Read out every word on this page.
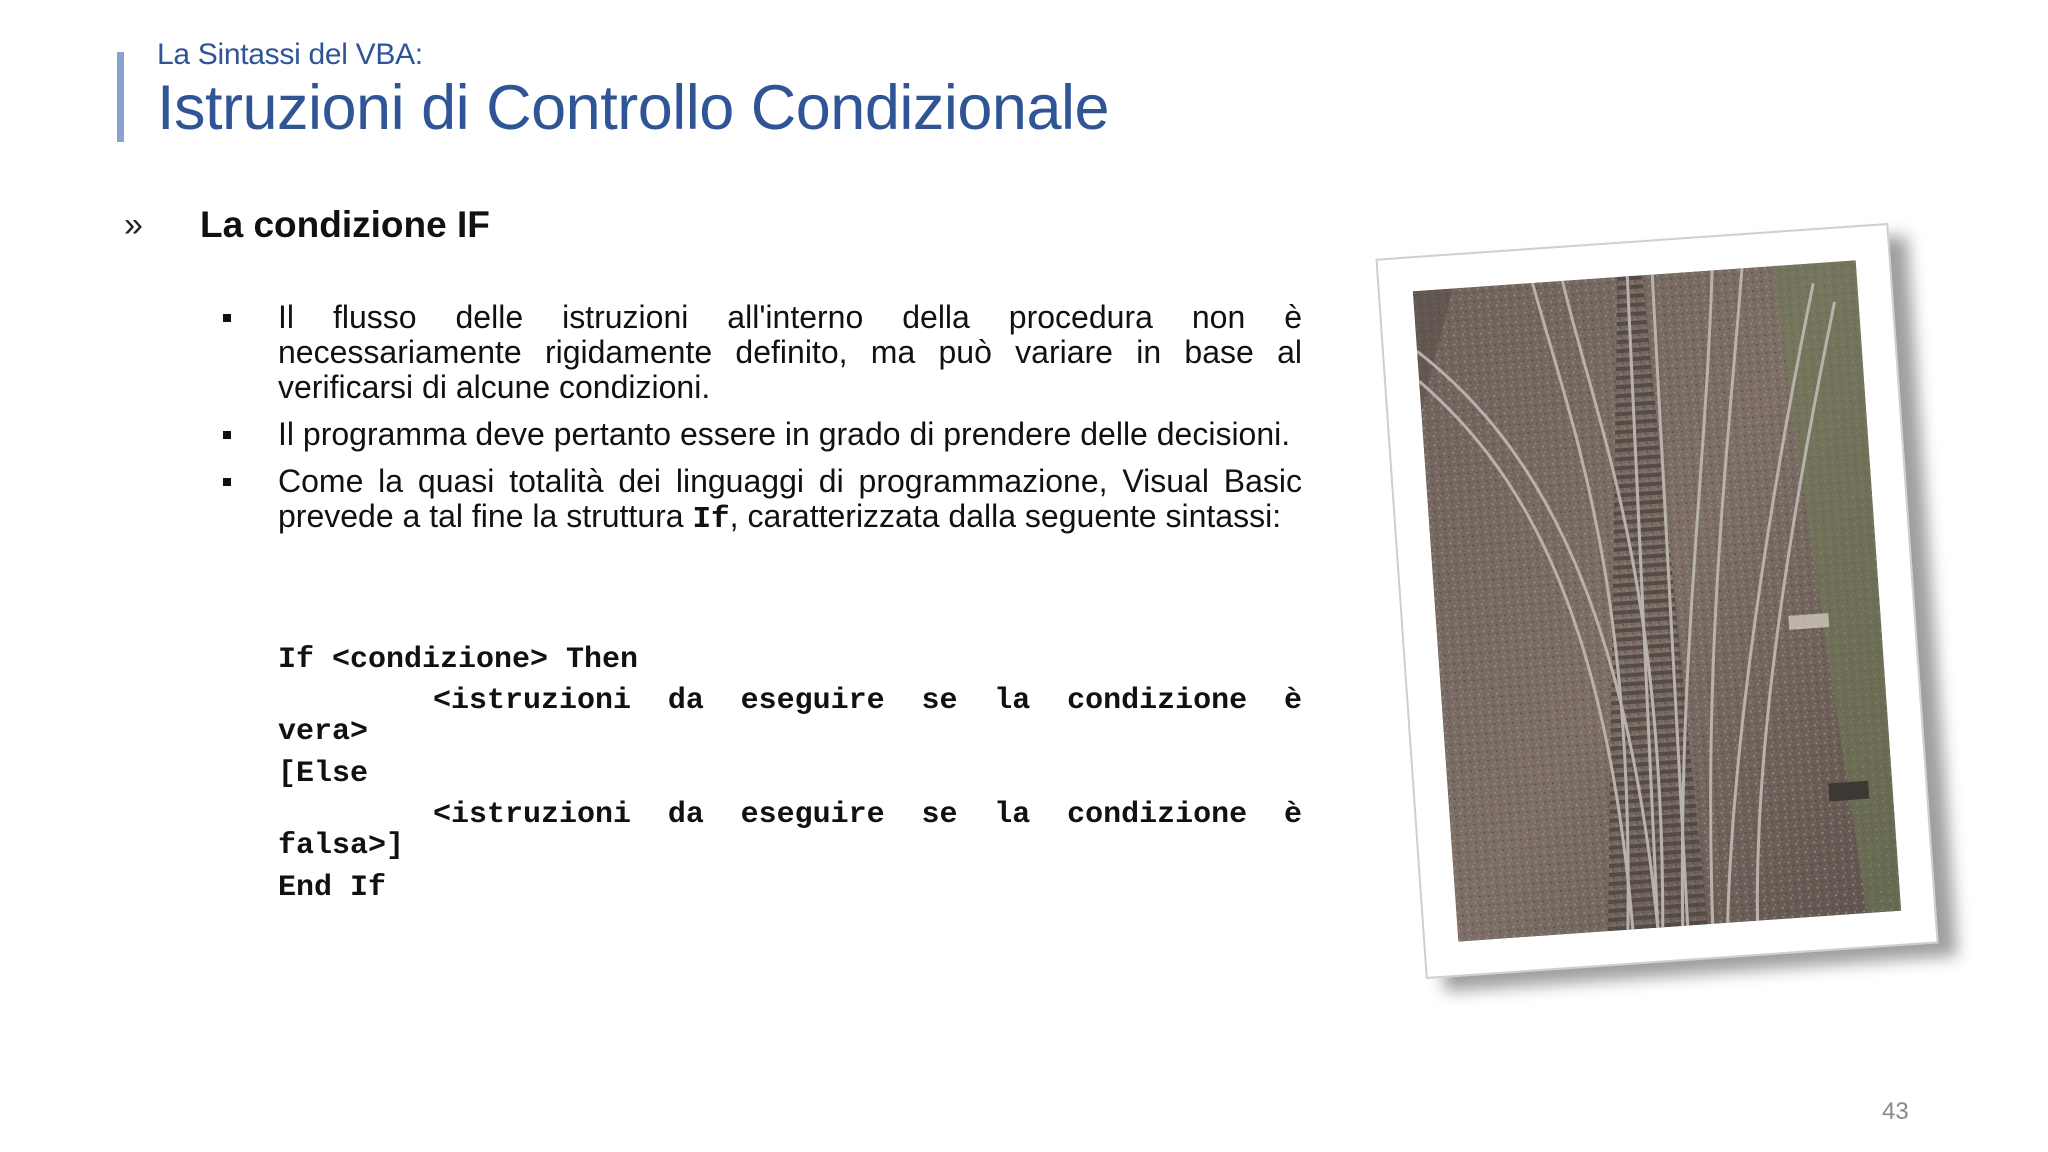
La Sintassi del VBA:
Istruzioni di Controllo Condizionale
» La condizione IF
Il flusso delle istruzioni all'interno della procedura non è necessariamente rigidamente definito, ma può variare in base al verificarsi di alcune condizioni.
Il programma deve pertanto essere in grado di prendere delle decisioni.
Come la quasi totalità dei linguaggi di programmazione, Visual Basic prevede a tal fine la struttura If, caratterizzata dalla seguente sintassi:
If <condizione> Then
<istruzioni da eseguire se la condizione è
vera>
[Else
<istruzioni da eseguire se la condizione è
falsa>]
End If
43
